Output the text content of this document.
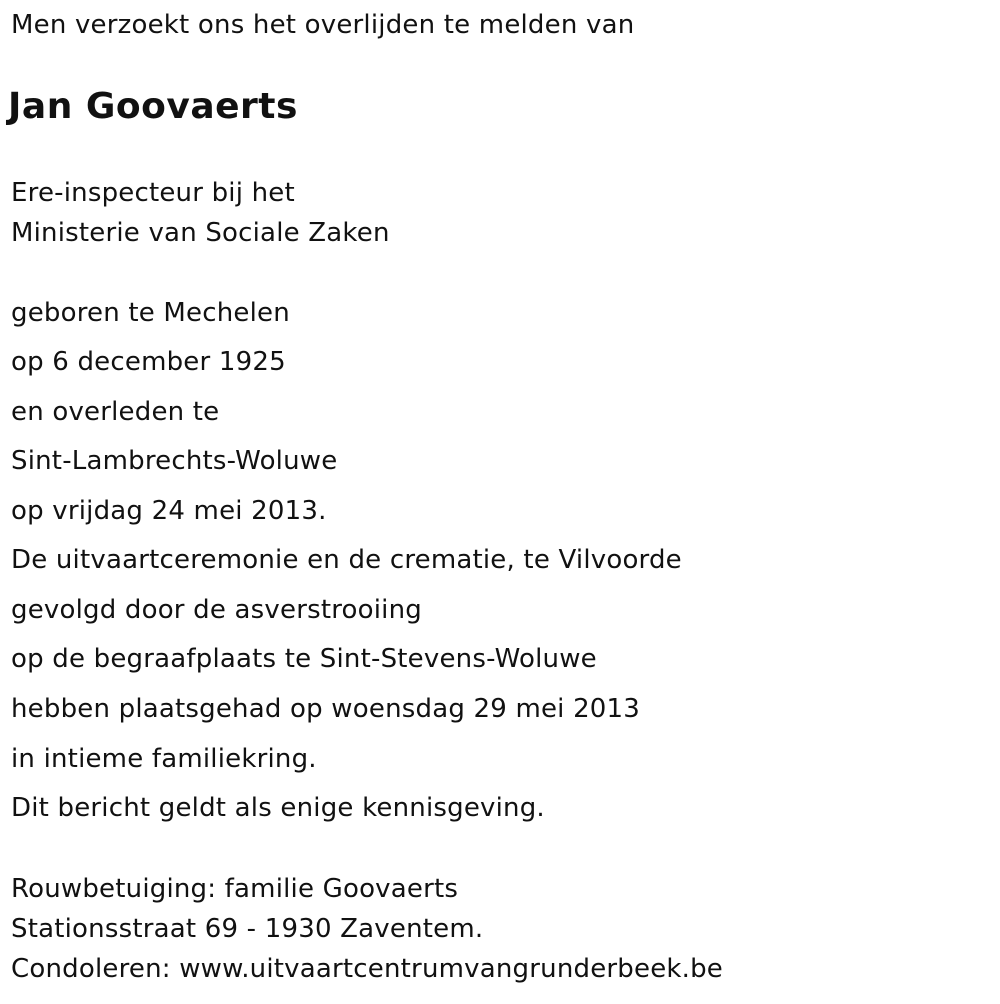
Men verzoekt ons het overlijden te melden van
Jan Goovaerts
Ere-inspecteur bij het
Ministerie van Sociale Zaken
geboren te Mechelen
op 6 december 1925
en overleden te
Sint-Lambrechts-Woluwe
op vrijdag 24 mei 2013.
De uitvaartceremonie en de crematie, te Vilvoorde
gevolgd door de asverstrooiing
op de begraafplaats te Sint-Stevens-Woluwe
hebben plaatsgehad op woensdag 29 mei 2013
in intieme familiekring.
Dit bericht geldt als enige kennisgeving.
Rouwbetuiging: familie Goovaerts
Stationsstraat 69 - 1930 Zaventem.
Condoleren: www.uitvaartcentrumvangrunderbeek.be
